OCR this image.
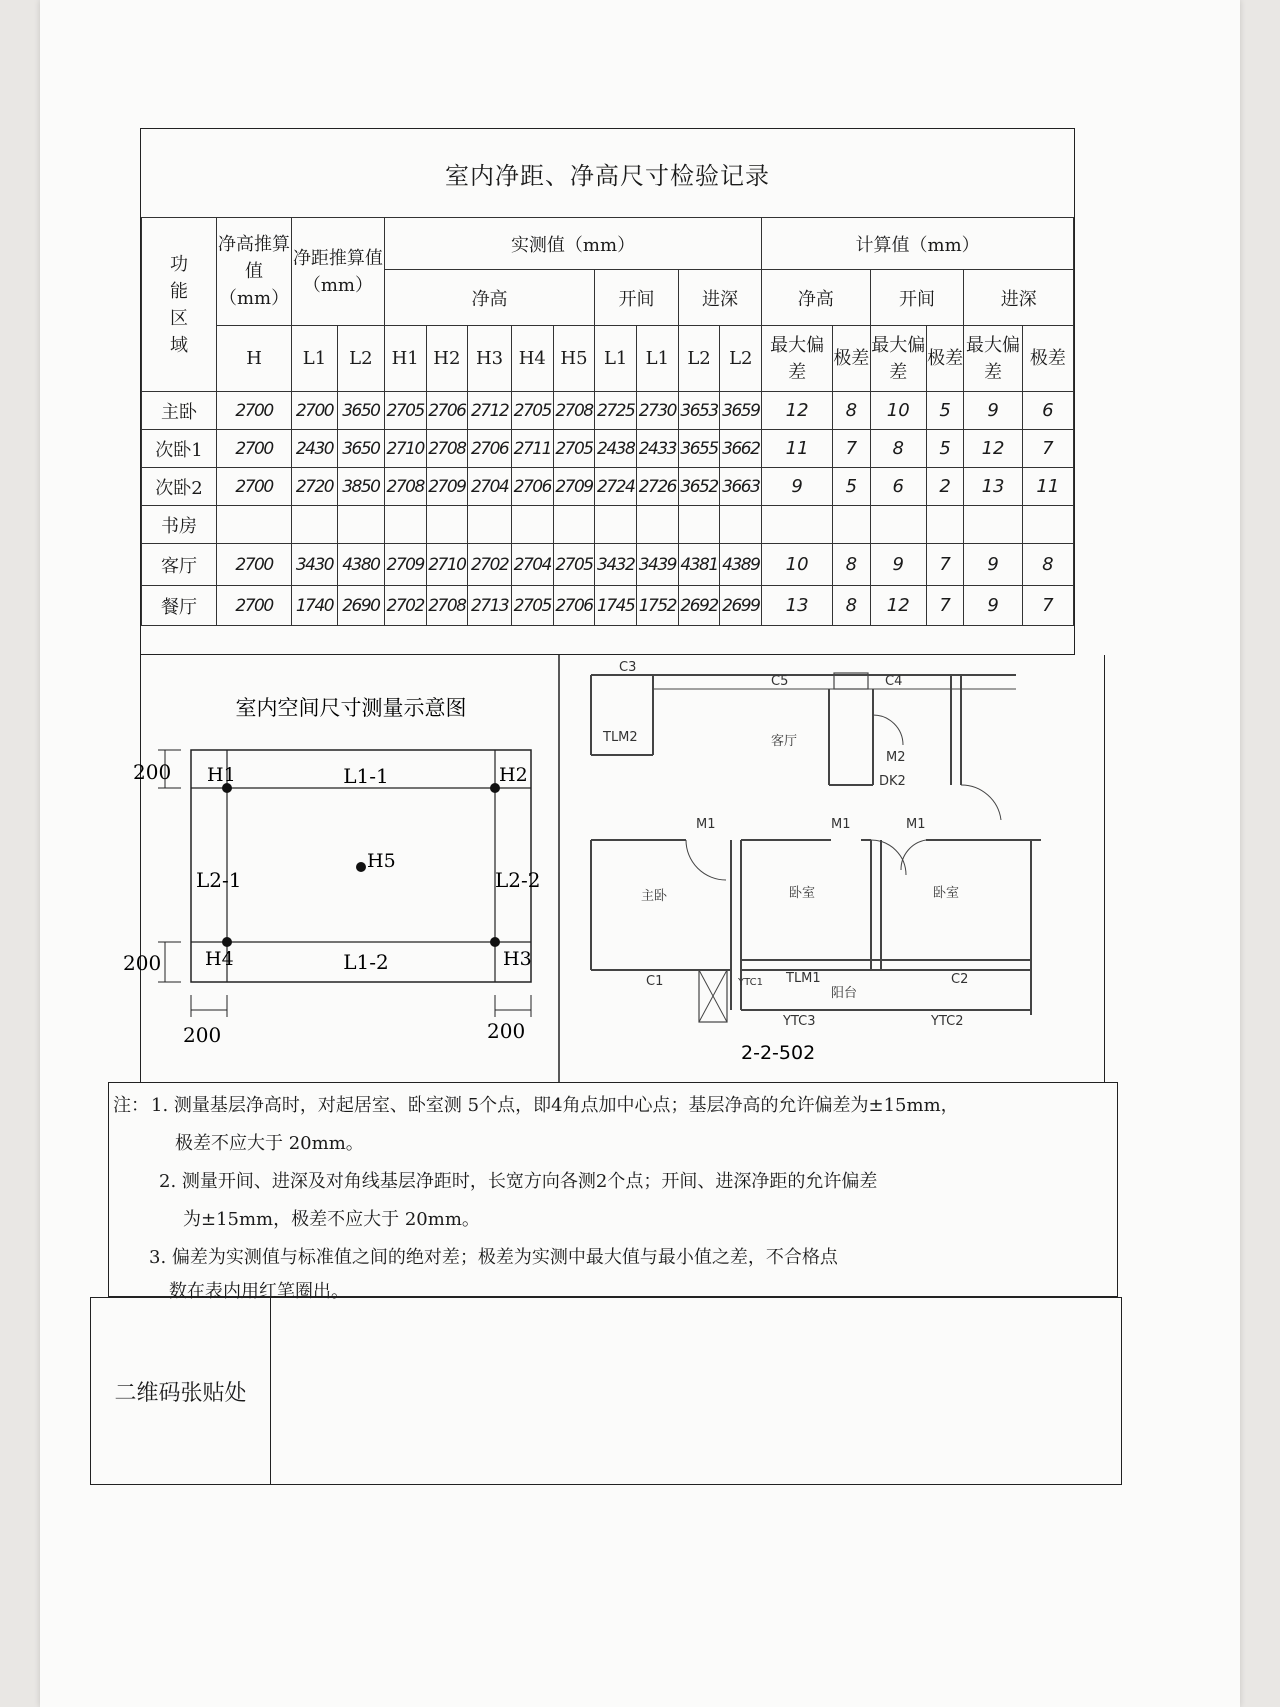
室内净距、净高尺寸检验记录
功能区域	净高推算值（mm）	净距推算值（mm）		实测值（mm）									计算值（mm）					
				净高					开间		进深		净高		开间		进深	
	H	L1	L2	H1	H2	H3	H4	H5	L1	L1	L2	L2	最大偏差	极差	最大偏差	极差	最大偏差	极差
主卧	2700	2700	3650	2705	2706	2712	2705	2708	2725	2730	3653	3659	12	8	10	5	9	6
次卧1	2700	2430	3650	2710	2708	2706	2711	2705	2438	2433	3655	3662	11	7	8	5	12	7
次卧2	2700	2720	3850	2708	2709	2704	2706	2709	2724	2726	3652	3663	9	5	6	2	13	11
书房																		
客厅	2700	3430	4380	2709	2710	2702	2704	2705	3432	3439	4381	4389	10	8	9	7	9	8
餐厅	2700	1740	2690	2702	2708	2713	2705	2706	1745	1752	2692	2699	13	8	12	7	9	7
室内空间尺寸测量示意图
H1	H2
H3
H4
H5
L1-1
L1-2
L2-1	L2-2
200
200
200	200
C3
C5	C4
TLM2	客厅
M2
DK2
M1	M1	M1
主卧	卧室	卧室
C1	TLM1
YTC1
阳台
C2
YTC3	YTC2
2-2-502
注： 1. 测量基层净高时，对起居室、卧室测 5个点，即4角点加中心点；基层净高的允许偏差为±15mm，
极差不应大于 20mm。
2. 测量开间、进深及对角线基层净距时，长宽方向各测2个点；开间、进深净距的允许偏差
为±15mm，极差不应大于 20mm。
3. 偏差为实测值与标准值之间的绝对差；极差为实测中最大值与最小值之差，不合格点
数在表内用红笔圈出。
二维码张贴处
